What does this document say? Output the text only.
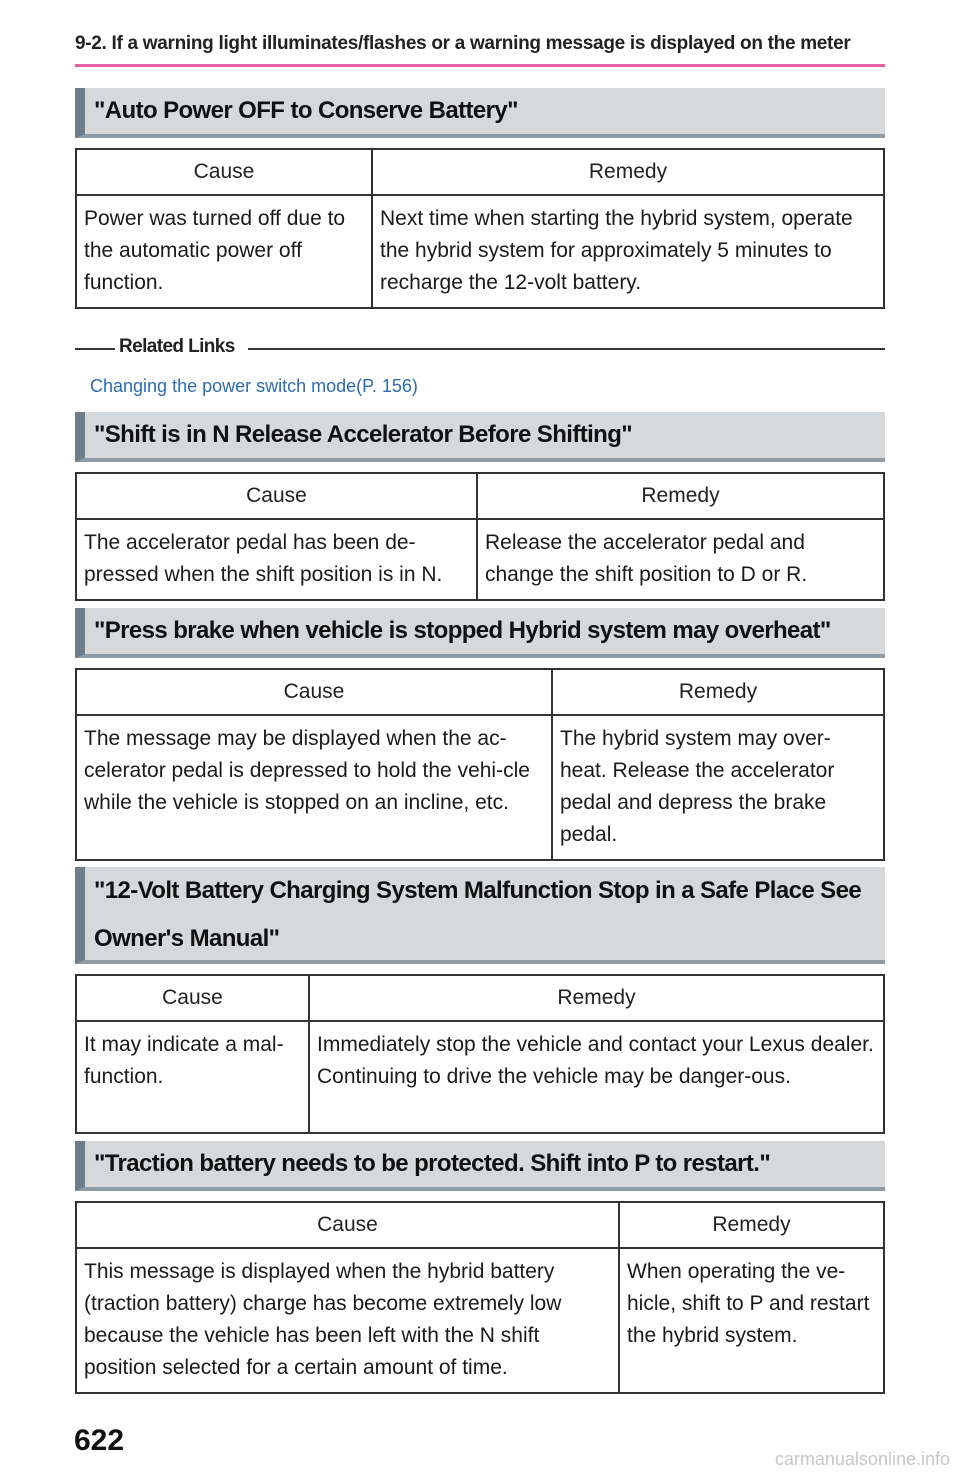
9-2. If a warning light illuminates/flashes or a warning message is displayed on the meter
"Auto Power OFF to Conserve Battery"
Cause	Remedy
Power was turned off due to the automatic power off function.	Next time when starting the hybrid system, operate the hybrid system for approximately 5 minutes to recharge the 12-volt battery.
Related Links
Changing the power switch mode(P. 156)
"Shift is in N Release Accelerator Before Shifting"
Cause	Remedy
The accelerator pedal has been de-pressed when the shift position is in N.	Release the accelerator pedal and change the shift position to D or R.
"Press brake when vehicle is stopped Hybrid system may overheat"
Cause	Remedy
The message may be displayed when the ac-celerator pedal is depressed to hold the vehi-cle while the vehicle is stopped on an incline, etc.	The hybrid system may over-heat. Release the accelerator pedal and depress the brake pedal.
"12-Volt Battery Charging System Malfunction Stop in a Safe Place See Owner's Manual"
Cause	Remedy
It may indicate a mal-function.	Immediately stop the vehicle and contact your Lexus dealer. Continuing to drive the vehicle may be danger-ous.
"Traction battery needs to be protected. Shift into P to restart."
Cause	Remedy
This message is displayed when the hybrid battery (traction battery) charge has become extremely low because the vehicle has been left with the N shift position selected for a certain amount of time.	When operating the ve-hicle, shift to P and restart the hybrid system.
622
carmanualsonline.info
